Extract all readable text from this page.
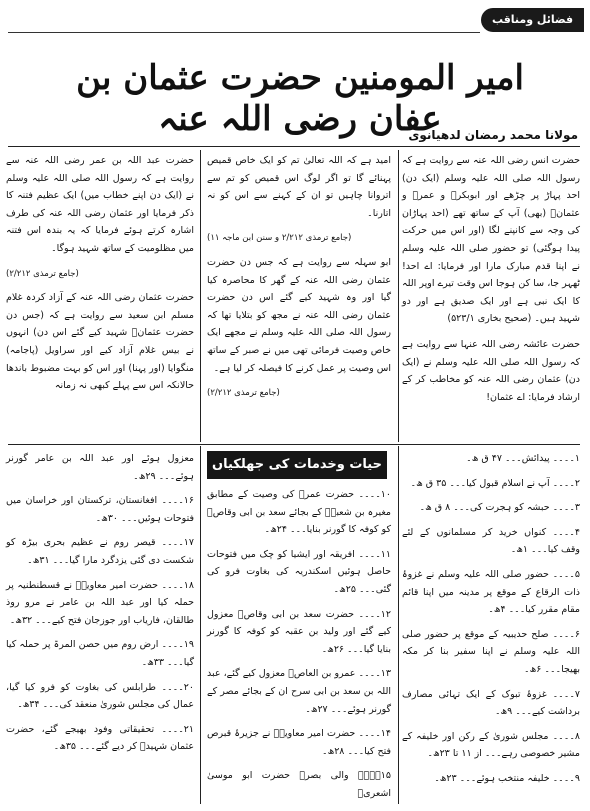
فضائل ومناقب
امیر المومنین حضرت عثمان بن عفان رضی اللہ عنہ
مولانا محمد رمضان لدھیانوی

حضرت انس رضی اللہ عنہ سے روایت ہے کہ رسول اللہ صلی اللہ علیہ وسلم (ایک دن) احد پہاڑ پر چڑھے اور ابوبکرؓ و عمرؓ و عثمانؓ (بھی) آپ کے ساتھ تھے (احد پہاڑان کی وجہ سے کانپنے لگا (اور اس میں حرکت پیدا ہوگئی) تو حضور صلی اللہ علیہ وسلم نے اپنا قدم مبارک مارا اور فرمایا: اے احد! ٹھہر جا، سا کن ہوجا اس وقت تیرے اوپر اللہ کا ایک نبی ہے اور ایک صدیق ہے اور دو شہید ہیں۔ (صحیح بخاری ۵۲۳/۱)

حضرت عائشہ رضی اللہ عنہا سے روایت ہے کہ رسول اللہ صلی اللہ علیہ وسلم نے (ایک دن) عثمان رضی اللہ عنہ کو مخاطب کر کے ارشاد فرمایا: اے عثمان!

امید ہے کہ اللہ تعالیٰ تم کو ایک خاص قمیص پہنائے گا تو اگر لوگ اس قمیص کو تم سے اتروانا چاہیں تو ان کے کہنے سے اس کو نہ اتارنا۔

(جامع ترمذی ۲/۲۱۲ و سنن ابن ماجہ ۱۱)

ابو سہلہ سے روایت ہے کہ جس دن حضرت عثمان رضی اللہ عنہ کے گھر کا محاصرہ کیا گیا اور وہ شہید کیے گئے اس دن حضرت عثمان رضی اللہ عنہ نے مجھ کو بتلایا تھا کہ رسول اللہ صلی اللہ علیہ وسلم نے مجھے ایک خاص وصیت فرمائی تھی میں نے صبر کے ساتھ اس وصیت پر عمل کرنے کا فیصلہ کر لیا ہے۔

(جامع ترمذی ۲/۲۱۲)

حضرت عبد اللہ بن عمر رضی اللہ عنہ سے روایت ہے کہ رسول اللہ صلی اللہ علیہ وسلم نے (ایک دن اپنے خطاب میں) ایک عظیم فتنہ کا ذکر فرمایا اور عثمان رضی اللہ عنہ کی طرف اشارہ کرتے ہوئے فرمایا کہ یہ بندہ اس فتنہ میں مظلومیت کے ساتھ شہید ہوگا۔

(جامع ترمذی ۲/۲۱۲)

حضرت عثمان رضی اللہ عنہ کے آزاد کردہ غلام مسلم ابن سعید سے روایت ہے کہ (جس دن حضرت عثمانؓ شہید کیے گئے اس دن) انہوں نے بیس غلام آزاد کیے اور سراویل (پاجامہ) منگوایا (اور پہنا) اور اس کو بہت مضبوط باندھا حالانکہ اس سے پہلے کبھی نہ زمانہ

حیات وخدمات کی جھلکیاں	۱۔۔۔۔ پیدائش۔۔۔ ۴۷ ق ھ۔
۲۔۔۔۔ آپ نے اسلام قبول کیا۔۔۔ ۳۵ ق ھ۔
۳۔۔۔۔ حبشہ کو ہجرت کی۔۔۔ ۸ ق ھ۔
۴۔۔۔۔ کنواں خرید کر مسلمانوں کے لئے وقف کیا۔۔۔ ۱ھ۔
۵۔۔۔۔ حضور صلی اللہ علیہ وسلم نے غزوۂ ذات الرقاع کے موقع پر مدینہ میں اپنا قائم مقام مقرر کیا۔۔۔ ۴ھ۔
۶۔۔۔۔ صلح حدیبیہ کے موقع پر حضور صلی اللہ علیہ وسلم نے اپنا سفیر بنا کر مکہ بھیجا۔۔۔ ۶ھ۔
۷۔۔۔۔ غزوۂ تبوک کے ایک تہائی مصارف برداشت کیے۔۔۔ ۹ھ۔
۸۔۔۔۔ مجلس شوریٰ کے رکن اور خلیفہ کے مشیر خصوصی رہے۔۔۔ از ۱۱ تا ۲۳ھ۔
۹۔۔۔۔ خلیفہ منتخب ہوئے۔۔۔ ۲۳ھ۔
۱۰۔۔۔۔ حضرت عمرؓ کی وصیت کے مطابق مغیرہ بن شعبہؓ کے بجائے سعد بن ابی وقاصؓ کو کوفہ کا گورنر بنایا۔۔۔ ۲۴ھ۔
۱۱۔۔۔۔ افریقہ اور ایشیا کو چک میں فتوحات حاصل ہوئیں اسکندریہ کی بغاوت فرو کی گئی۔۔۔ ۲۵ھ۔
۱۲۔۔۔۔ حضرت سعد بن ابی وقاصؓ معزول کیے گئے اور ولید بن عقبہ کو کوفہ کا گورنر بنایا گیا۔۔۔ ۲۶ھ۔
۱۳۔۔۔۔ عمرو بن العاصؓ معزول کیے گئے، عبد اللہ بن سعد بن ابی سرح ان کے بجائے مصر کے گورنر ہوئے۔۔۔ ۲۷ھ۔
۱۴۔۔۔۔ حضرت امیر معاویہؓ نے جزیرۂ قبرص فتح کیا۔۔۔ ۲۸ھ۔
۱۵۔۔۔۔ والی بصرہ حضرت ابو موسیٰ اشعریؓ
معزول ہوئے اور عبد اللہ بن عامر گورنر ہوئے۔۔۔ ۲۹ھ۔
۱۶۔۔۔۔ افغانستان، ترکستان اور خراسان میں فتوحات ہوئیں۔۔۔ ۳۰ھ۔
۱۷۔۔۔۔ قیصر روم نے عظیم بحری بیڑہ کو شکست دی گئی یزدگرد مارا گیا۔۔۔ ۳۱ھ۔
۱۸۔۔۔۔ حضرت امیر معاویہؓ نے قسطنطنیہ پر حملہ کیا اور عبد اللہ بن عامر نے مرو روذ طالقان، فاریاب اور جوزجان فتح کیے۔۔۔ ۳۲ھ۔
۱۹۔۔۔۔ ارض روم میں حصن المرۃ پر حملہ کیا گیا۔۔۔ ۳۳ھ۔
۲۰۔۔۔۔ طرابلس کی بغاوت کو فرو کیا گیا، عمال کی مجلس شوریٰ منعقد کی۔۔۔ ۳۴ھ۔
۲۱۔۔۔۔ تحقیقاتی وفود بھیجے گئے، حضرت عثمان شہیدؓ کر دیے گئے۔۔۔ ۳۵ھ۔
